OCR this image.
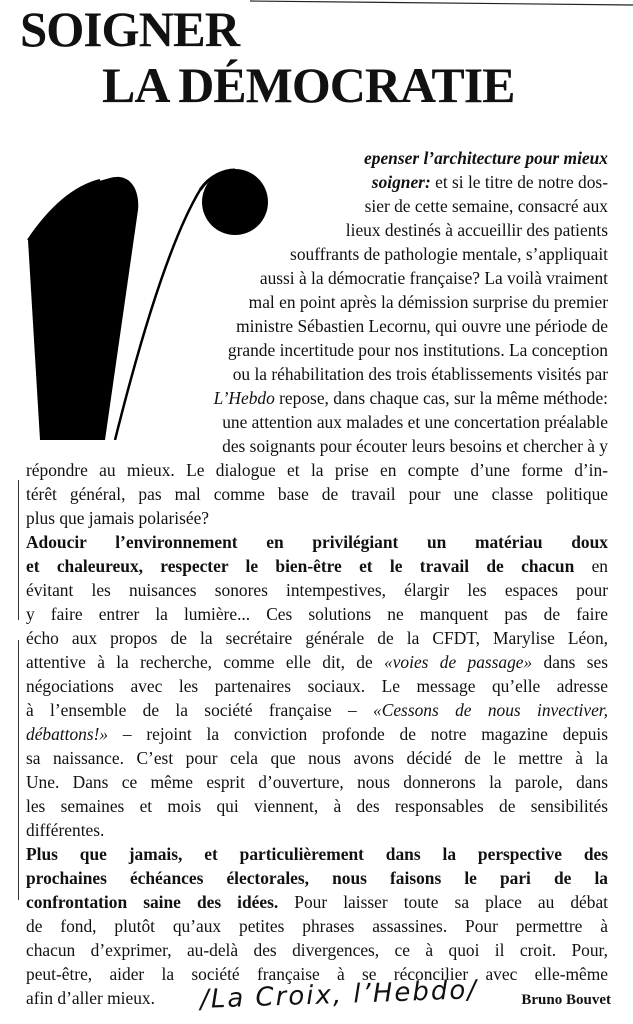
SOIGNER
LA DÉMOCRATIE
epenser l’architecture pour mieux
soigner: et si le titre de notre dos-
sier de cette semaine, consacré aux
lieux destinés à accueillir des patients
souffrants de pathologie mentale, s’appliquait
aussi à la démocratie française? La voilà vraiment
mal en point après la démission surprise du premier
ministre Sébastien Lecornu, qui ouvre une période de
grande incertitude pour nos institutions. La conception
ou la réhabilitation des trois établissements visités par
L’Hebdo repose, dans chaque cas, sur la même méthode:
une attention aux malades et une concertation préalable
des soignants pour écouter leurs besoins et chercher à y
répondre au mieux. Le dialogue et la prise en compte d’une forme d’in-
térêt général, pas mal comme base de travail pour une classe politique
plus que jamais polarisée?
Adoucir l’environnement en privilégiant un matériau doux
et chaleureux, respecter le bien-être et le travail de chacun en
évitant les nuisances sonores intempestives, élargir les espaces pour
y faire entrer la lumière... Ces solutions ne manquent pas de faire
écho aux propos de la secrétaire générale de la CFDT, Marylise Léon,
attentive à la recherche, comme elle dit, de «voies de passage» dans ses
négociations avec les partenaires sociaux. Le message qu’elle adresse
à l’ensemble de la société française – «Cessons de nous invectiver,
débattons!» – rejoint la conviction profonde de notre magazine depuis
sa naissance. C’est pour cela que nous avons décidé de le mettre à la
Une. Dans ce même esprit d’ouverture, nous donnerons la parole, dans
les semaines et mois qui viennent, à des responsables de sensibilités
différentes.
Plus que jamais, et particulièrement dans la perspective des
prochaines échéances électorales, nous faisons le pari de la
confrontation saine des idées. Pour laisser toute sa place au débat
de fond, plutôt qu’aux petites phrases assassines. Pour permettre à
chacun d’exprimer, au-delà des divergences, ce à quoi il croit. Pour,
peut-être, aider la société française à se réconcilier avec elle-même
afin d’aller mieux. /La Croix, l’Hebdo/	Bruno Bouvet
